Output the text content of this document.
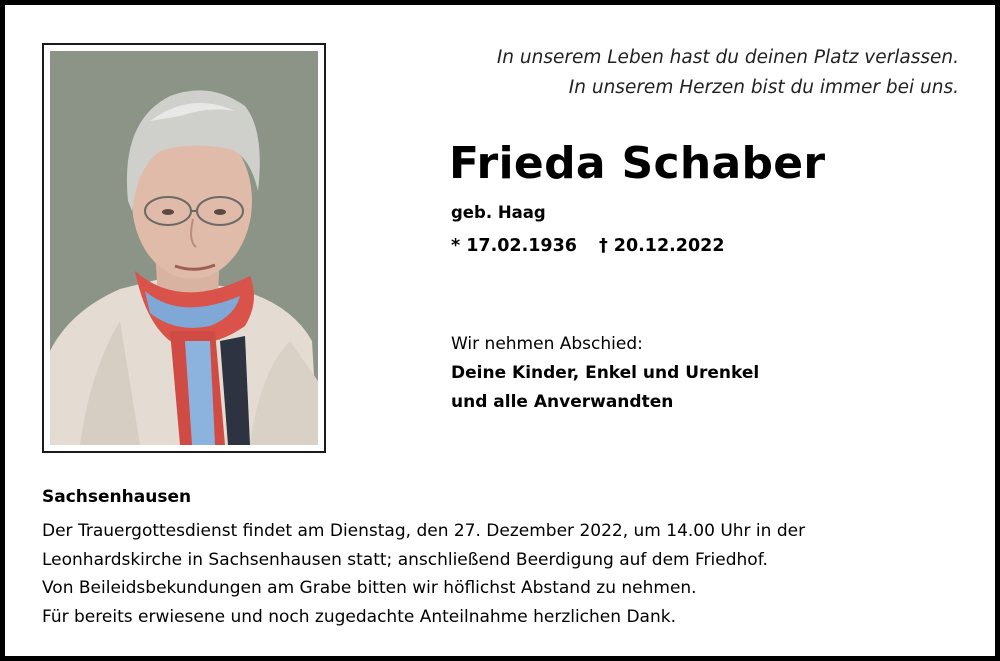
In unserem Leben hast du deinen Platz verlassen.
In unserem Herzen bist du immer bei uns.
Frieda Schaber
geb. Haag
* 17.02.1936 † 20.12.2022
Wir nehmen Abschied:
Deine Kinder, Enkel und Urenkel
und alle Anverwandten
Sachsenhausen
Der Trauergottesdienst findet am Dienstag, den 27. Dezember 2022, um 14.00 Uhr in der
Leonhardskirche in Sachsenhausen statt; anschließend Beerdigung auf dem Friedhof.
Von Beileidsbekundungen am Grabe bitten wir höflichst Abstand zu nehmen.
Für bereits erwiesene und noch zugedachte Anteilnahme herzlichen Dank.
